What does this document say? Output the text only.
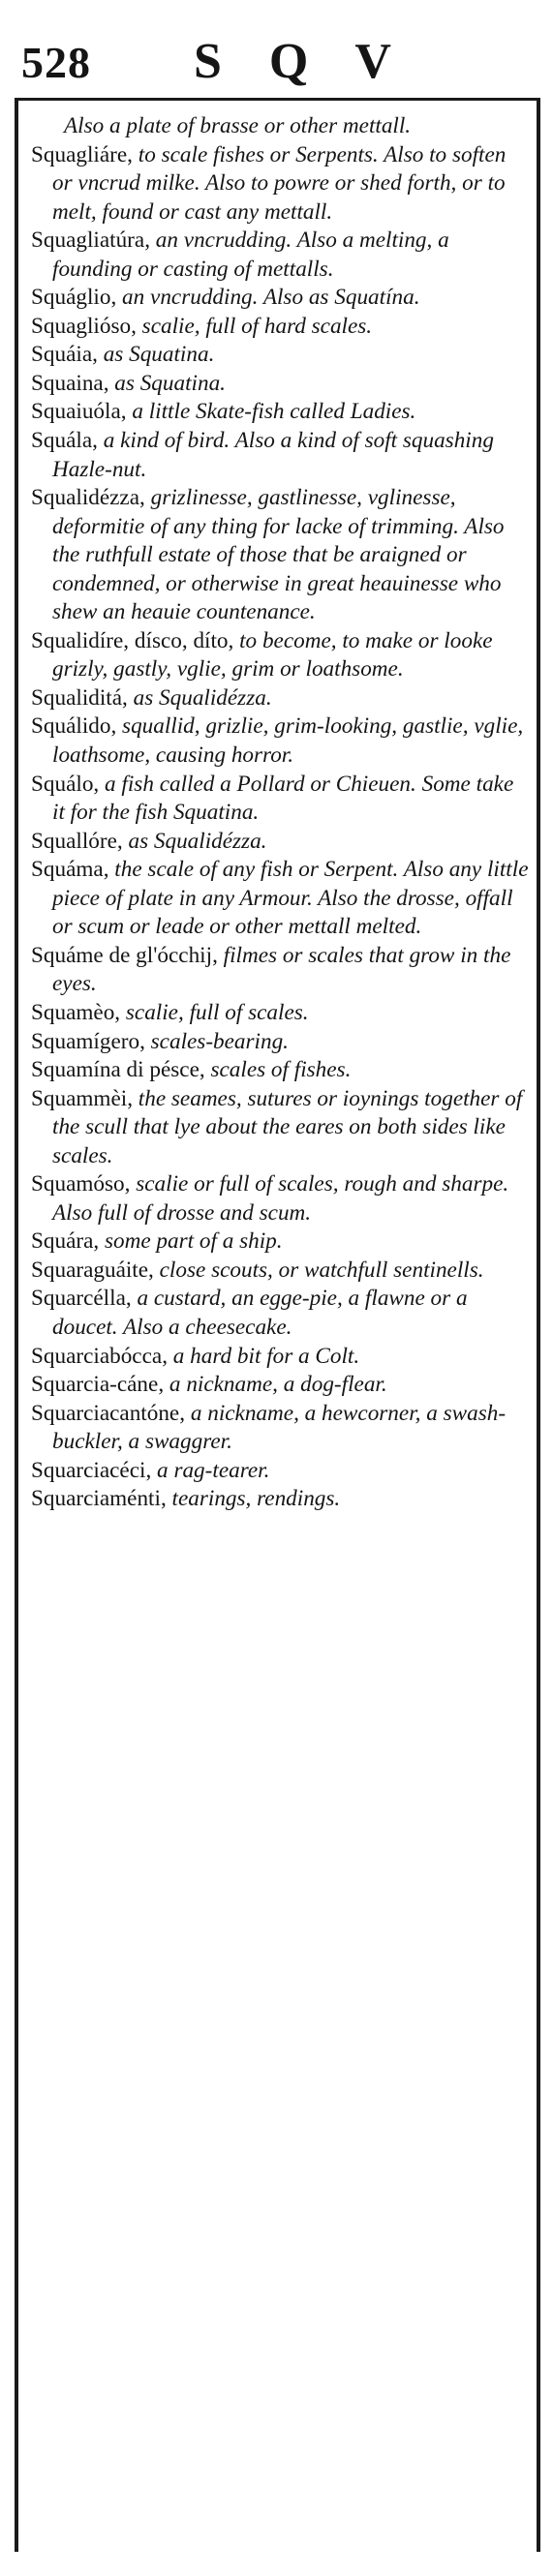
528 S Q V
Also a plate of brasse or other mettall.
Squagliáre, to scale fishes or Serpents. Also to soften or vncrud milke. Also to powre or shed forth, or to melt, found or cast any mettall.
Squagliatúra, an vncrudding. Also a melting, a founding or casting of mettalls.
Squáglio, an vncrudding. Also as Squatína.
Squaglióso, scalie, full of hard scales.
Squáia, as Squatina.
Squaina, as Squatina.
Squaiuóla, a little Skate-fish called Ladies.
Squála, a kind of bird. Also a kind of soft squashing Hazle-nut.
Squalidézza, grizlinesse, gastlinesse, vglinesse, deformitie of any thing for lacke of trimming. Also the ruthfull estate of those that be araigned or condemned, or otherwise in great heauinesse who shew an heauie countenance.
Squalidíre, dísco, díto, to become, to make or looke grizly, gastly, vglie, grim or loathsome.
Squaliditá, as Squalidézza.
Squálido, squallid, grizlie, grim-looking, gastlie, vglie, loathsome, causing horror.
Squálo, a fish called a Pollard or Chieuen. Some take it for the fish Squatina.
Squallóre, as Squalidézza.
Squáma, the scale of any fish or Serpent. Also any little piece of plate in any Armour. Also the drosse, offall or scum or leade or other mettall melted.
Squáme de gl'ócchij, filmes or scales that grow in the eyes.
Squamèo, scalie, full of scales.
Squamígero, scales-bearing.
Squamína di pésce, scales of fishes.
Squammèi, the seames, sutures or ioynings together of the scull that lye about the eares on both sides like scales.
Squamóso, scalie or full of scales, rough and sharpe. Also full of drosse and scum.
Squára, some part of a ship.
Squaraguáite, close scouts, or watchfull sentinells.
Squarcélla, a custard, an egge-pie, a flawne or a doucet. Also a cheesecake.
Squarciabócca, a hard bit for a Colt.
Squarcia-cáne, a nickname, a dog-flear.
Squarciacantóne, a nickname, a hewcorner, a swash-buckler, a swaggrer.
Squarciacéci, a rag-tearer.
Squarciaménti, tearings, rendings.
